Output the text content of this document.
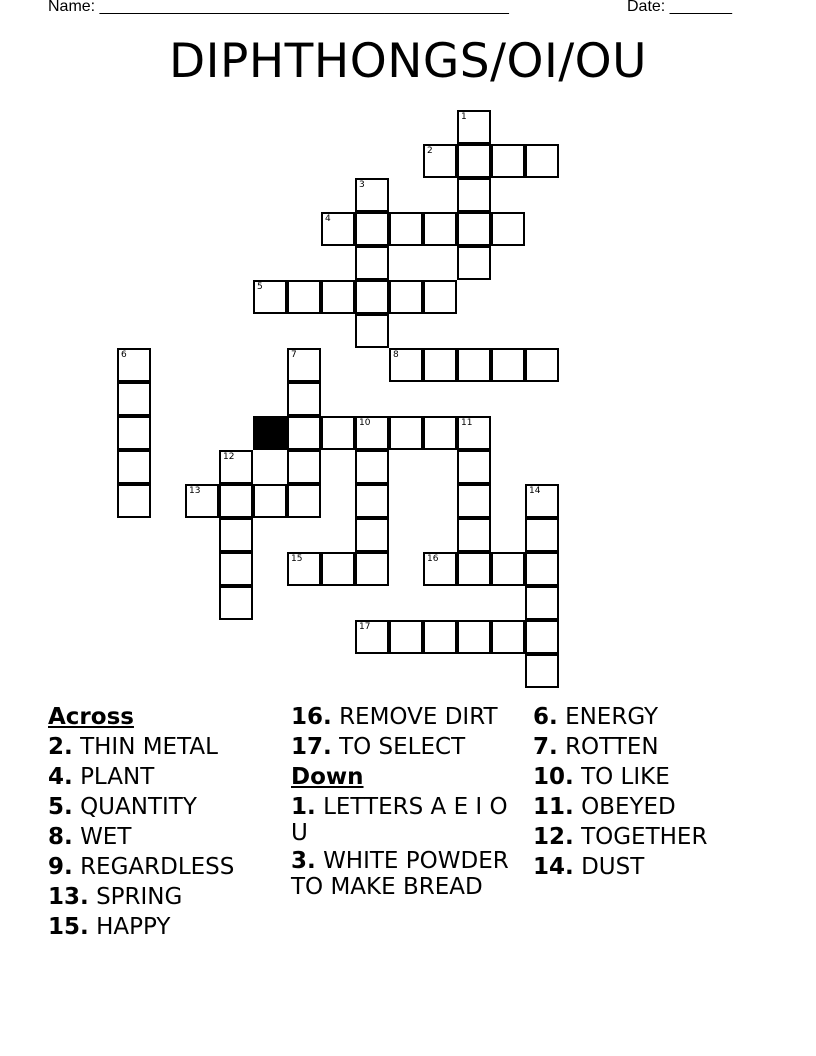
Name: ______________________________________________	Date: _______
DIPHTHONGS/OI/OU
1
2
3
4
5
6	7	8
10	11
12
13	14
15	16
17
Across
2. THIN METAL
4. PLANT
5. QUANTITY
8. WET
9. REGARDLESS
13. SPRING
15. HAPPY
16. REMOVE DIRT
17. TO SELECT
Down
1. LETTERS A E I O U
3. WHITE POWDER TO MAKE BREAD
6. ENERGY
7. ROTTEN
10. TO LIKE
11. OBEYED
12. TOGETHER
14. DUST
